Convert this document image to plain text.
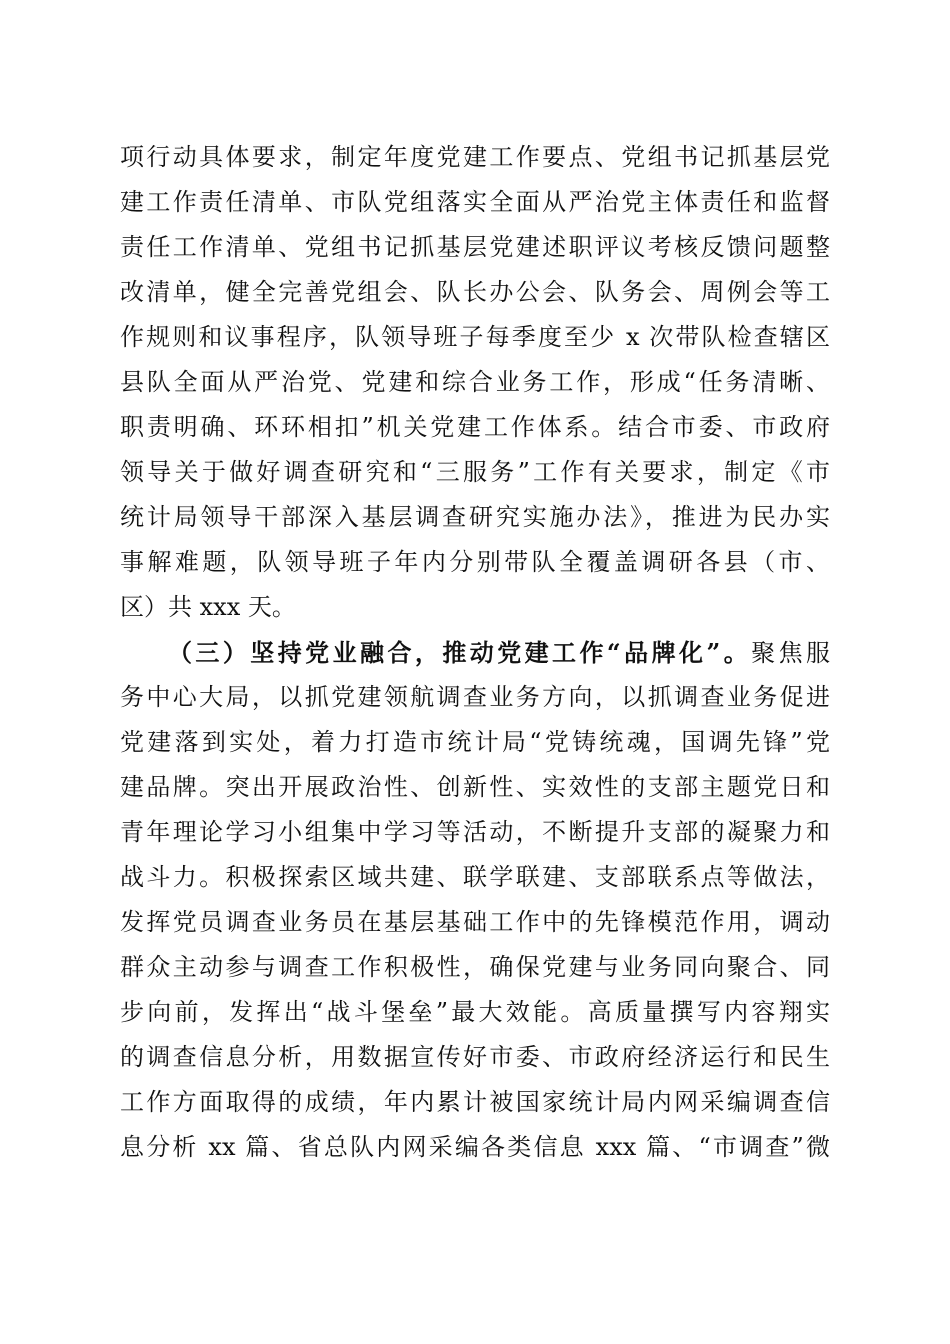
项行动具体要求，制定年度党建工作要点、党组书记抓基层党
建工作责任清单、市队党组落实全面从严治党主体责任和监督
责任工作清单、党组书记抓基层党建述职评议考核反馈问题整
改清单，健全完善党组会、队长办公会、队务会、周例会等工
作规则和议事程序，队领导班子每季度至少 x 次带队检查辖区
县队全面从严治党、党建和综合业务工作，形成“任务清晰、
职责明确、环环相扣”机关党建工作体系。结合市委、市政府
领导关于做好调查研究和“三服务”工作有关要求，制定《市
统计局领导干部深入基层调查研究实施办法》，推进为民办实
事解难题，队领导班子年内分别带队全覆盖调研各县（市、
区）共 xxx 天。
（三）坚持党业融合，推动党建工作“品牌化”。聚焦服
务中心大局，以抓党建领航调查业务方向，以抓调查业务促进
党建落到实处，着力打造市统计局“党铸统魂，国调先锋”党
建品牌。突出开展政治性、创新性、实效性的支部主题党日和
青年理论学习小组集中学习等活动，不断提升支部的凝聚力和
战斗力。积极探索区域共建、联学联建、支部联系点等做法，
发挥党员调查业务员在基层基础工作中的先锋模范作用，调动
群众主动参与调查工作积极性，确保党建与业务同向聚合、同
步向前，发挥出“战斗堡垒”最大效能。高质量撰写内容翔实
的调查信息分析，用数据宣传好市委、市政府经济运行和民生
工作方面取得的成绩，年内累计被国家统计局内网采编调查信
息分析 xx 篇、省总队内网采编各类信息 xxx 篇、“市调查”微
